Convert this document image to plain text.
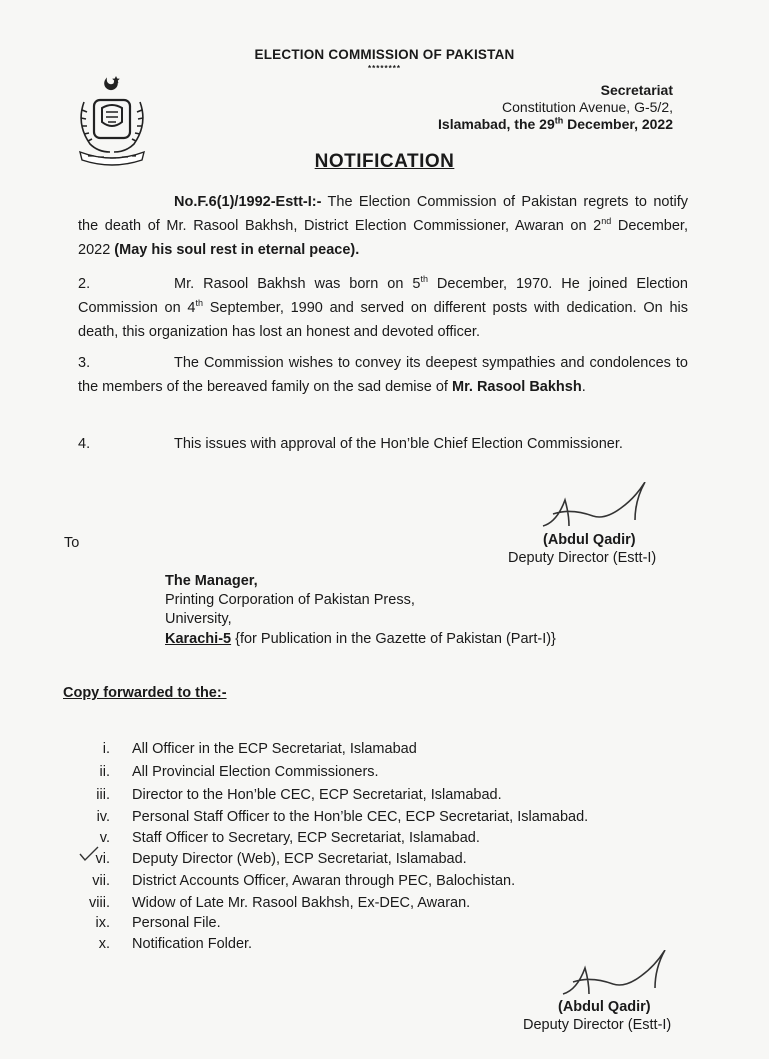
ELECTION COMMISSION OF PAKISTAN
********
Secretariat
Constitution Avenue, G-5/2,
Islamabad, the 29th December, 2022
NOTIFICATION
No.F.6(1)/1992-Estt-I:- The Election Commission of Pakistan regrets to notify the death of Mr. Rasool Bakhsh, District Election Commissioner, Awaran on 2nd December, 2022 (May his soul rest in eternal peace).
2.	Mr. Rasool Bakhsh was born on 5th December, 1970. He joined Election Commission on 4th September, 1990 and served on different posts with dedication. On his death, this organization has lost an honest and devoted officer.
3.	The Commission wishes to convey its deepest sympathies and condolences to the members of the bereaved family on the sad demise of Mr. Rasool Bakhsh.
4.	This issues with approval of the Hon’ble Chief Election Commissioner.
(Abdul Qadir)
Deputy Director (Estt-I)
To
The Manager,
Printing Corporation of Pakistan Press,
University,
Karachi-5 {for Publication in the Gazette of Pakistan (Part-I)}
Copy forwarded to the:-
i. All Officer in the ECP Secretariat, Islamabad
ii. All Provincial Election Commissioners.
iii. Director to the Hon’ble CEC, ECP Secretariat, Islamabad.
iv. Personal Staff Officer to the Hon’ble CEC, ECP Secretariat, Islamabad.
v. Staff Officer to Secretary, ECP Secretariat, Islamabad.
vi. Deputy Director (Web), ECP Secretariat, Islamabad.
vii. District Accounts Officer, Awaran through PEC, Balochistan.
viii. Widow of Late Mr. Rasool Bakhsh, Ex-DEC, Awaran.
ix. Personal File.
x. Notification Folder.
(Abdul Qadir)
Deputy Director (Estt-I)
